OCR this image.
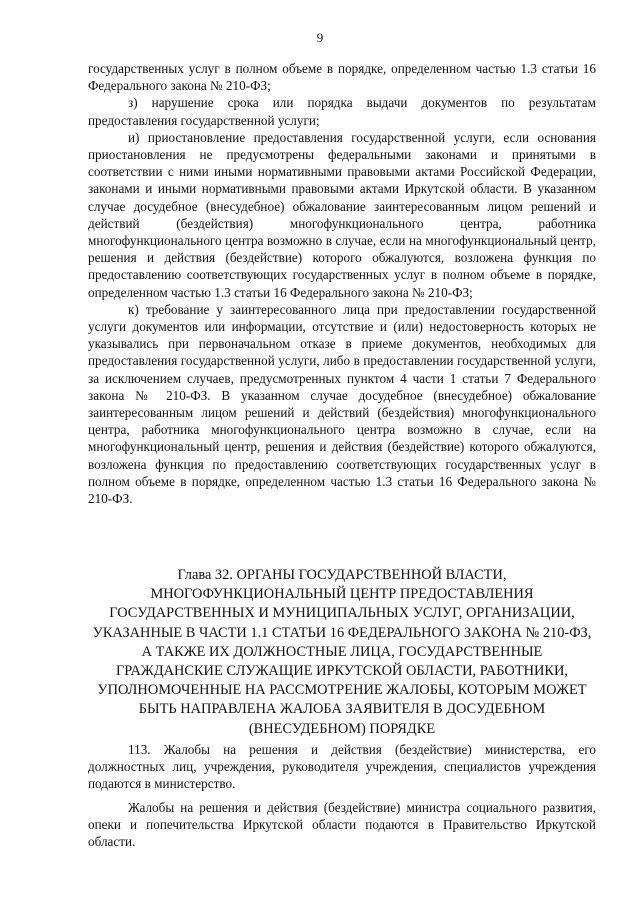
9

государственных услуг в полном объеме в порядке, определенном частью 1.3 статьи 16 Федерального закона № 210-ФЗ;

з) нарушение срока или порядка выдачи документов по результатам предоставления государственной услуги;

и) приостановление предоставления государственной услуги, если основания приостановления не предусмотрены федеральными законами и принятыми в соответствии с ними иными нормативными правовыми актами Российской Федерации, законами и иными нормативными правовыми актами Иркутской области. В указанном случае досудебное (внесудебное) обжалование заинтересованным лицом решений и действий (бездействия) многофункционального центра, работника многофункционального центра возможно в случае, если на многофункциональный центр, решения и действия (бездействие) которого обжалуются, возложена функция по предоставлению соответствующих государственных услуг в полном объеме в порядке, определенном частью 1.3 статьи 16 Федерального закона № 210-ФЗ;

к) требование у заинтересованного лица при предоставлении государственной услуги документов или информации, отсутствие и (или) недостоверность которых не указывались при первоначальном отказе в приеме документов, необходимых для предоставления государственной услуги, либо в предоставлении государственной услуги, за исключением случаев, предусмотренных пунктом 4 части 1 статьи 7 Федерального закона № 210-ФЗ. В указанном случае досудебное (внесудебное) обжалование заинтересованным лицом решений и действий (бездействия) многофункционального центра, работника многофункционального центра возможно в случае, если на многофункциональный центр, решения и действия (бездействие) которого обжалуются, возложена функция по предоставлению соответствующих государственных услуг в полном объеме в порядке, определенном частью 1.3 статьи 16 Федерального закона № 210-ФЗ.

Глава 32. ОРГАНЫ ГОСУДАРСТВЕННОЙ ВЛАСТИ,

МНОГОФУНКЦИОНАЛЬНЫЙ ЦЕНТР ПРЕДОСТАВЛЕНИЯ ГОСУДАРСТВЕННЫХ И МУНИЦИПАЛЬНЫХ УСЛУГ, ОРГАНИЗАЦИИ, УКАЗАННЫЕ В ЧАСТИ 1.1 СТАТЬИ 16 ФЕДЕРАЛЬНОГО ЗАКОНА № 210-ФЗ, А ТАКЖЕ ИХ ДОЛЖНОСТНЫЕ ЛИЦА, ГОСУДАРСТВЕННЫЕ ГРАЖДАНСКИЕ СЛУЖАЩИЕ ИРКУТСКОЙ ОБЛАСТИ, РАБОТНИКИ, УПОЛНОМОЧЕННЫЕ НА РАССМОТРЕНИЕ ЖАЛОБЫ, КОТОРЫМ МОЖЕТ БЫТЬ НАПРАВЛЕНА ЖАЛОБА ЗАЯВИТЕЛЯ В ДОСУДЕБНОМ (ВНЕСУДЕБНОМ) ПОРЯДКЕ

113. Жалобы на решения и действия (бездействие) министерства, его должностных лиц, учреждения, руководителя учреждения, специалистов учреждения подаются в министерство.

Жалобы на решения и действия (бездействие) министра социального развития, опеки и попечительства Иркутской области подаются в Правительство Иркутской области.
